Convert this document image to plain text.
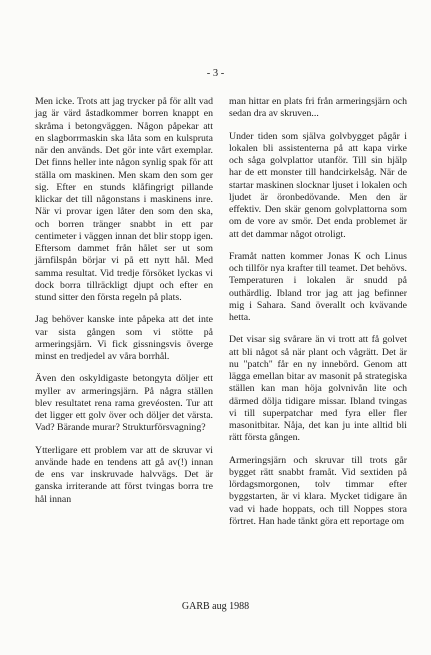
- 3 -

Men icke. Trots att jag trycker på för allt vad jag är värd åstadkommer borren knappt en skråma i betongväggen. Någon påpekar att en slagborrmaskin ska låta som en kulspruta när den används. Det gör inte vårt exemplar. Det finns heller inte någon synlig spak för att ställa om maskinen. Men skam den som ger sig. Efter en stunds klåfingrigt pillande klickar det till någonstans i maskinens inre. När vi provar igen låter den som den ska, och borren tränger snabbt in ett par centimeter i väggen innan det blir stopp igen. Eftersom dammet från hålet ser ut som järnfilspån börjar vi på ett nytt hål. Med samma resultat. Vid tredje försöket lyckas vi dock borra tillräckligt djupt och efter en stund sitter den första regeln på plats.

Jag behöver kanske inte påpeka att det inte var sista gången som vi stötte på armeringsjärn. Vi fick gissningsvis överge minst en tredjedel av våra borrhål.

Även den oskyldigaste betongyta döljer ett myller av armeringsjärn. På några ställen blev resultatet rena rama grevéosten. Tur att det ligger ett golv över och döljer det värsta. Vad? Bärande murar? Strukturförsvagning?

Ytterligare ett problem var att de skruvar vi använde hade en tendens att gå av(!) innan de ens var inskruvade halvvägs. Det är ganska irriterande att först tvingas borra tre hål innan

man hittar en plats fri från armeringsjärn och sedan dra av skruven...

Under tiden som själva golvbygget pågår i lokalen bli assistenterna på att kapa virke och såga golvplattor utanför. Till sin hjälp har de ett monster till handcirkelsåg. När de startar maskinen slocknar ljuset i lokalen och ljudet är öronbedövande. Men den är effektiv. Den skär genom golvplattorna som om de vore av smör. Det enda problemet är att det dammar något otroligt.

Framåt natten kommer Jonas K och Linus och tillför nya krafter till teamet. Det behövs. Temperaturen i lokalen är snudd på outhärdlig. Ibland tror jag att jag befinner mig i Sahara. Sand överallt och kvävande hetta.

Det visar sig svårare än vi trott att få golvet att bli något så när plant och vågrätt. Det är nu "patch" får en ny innebörd. Genom att lägga emellan bitar av masonit på strategiska ställen kan man höja golvnivån lite och därmed dölja tidigare missar. Ibland tvingas vi till superpatchar med fyra eller fler masonitbitar. Nåja, det kan ju inte alltid bli rätt första gången.

Armeringsjärn och skruvar till trots går bygget rätt snabbt framåt. Vid sextiden på lördagsmorgonen, tolv timmar efter byggstarten, är vi klara. Mycket tidigare än vad vi hade hoppats, och till Noppes stora förtret. Han hade tänkt göra ett reportage om

GARB aug 1988
